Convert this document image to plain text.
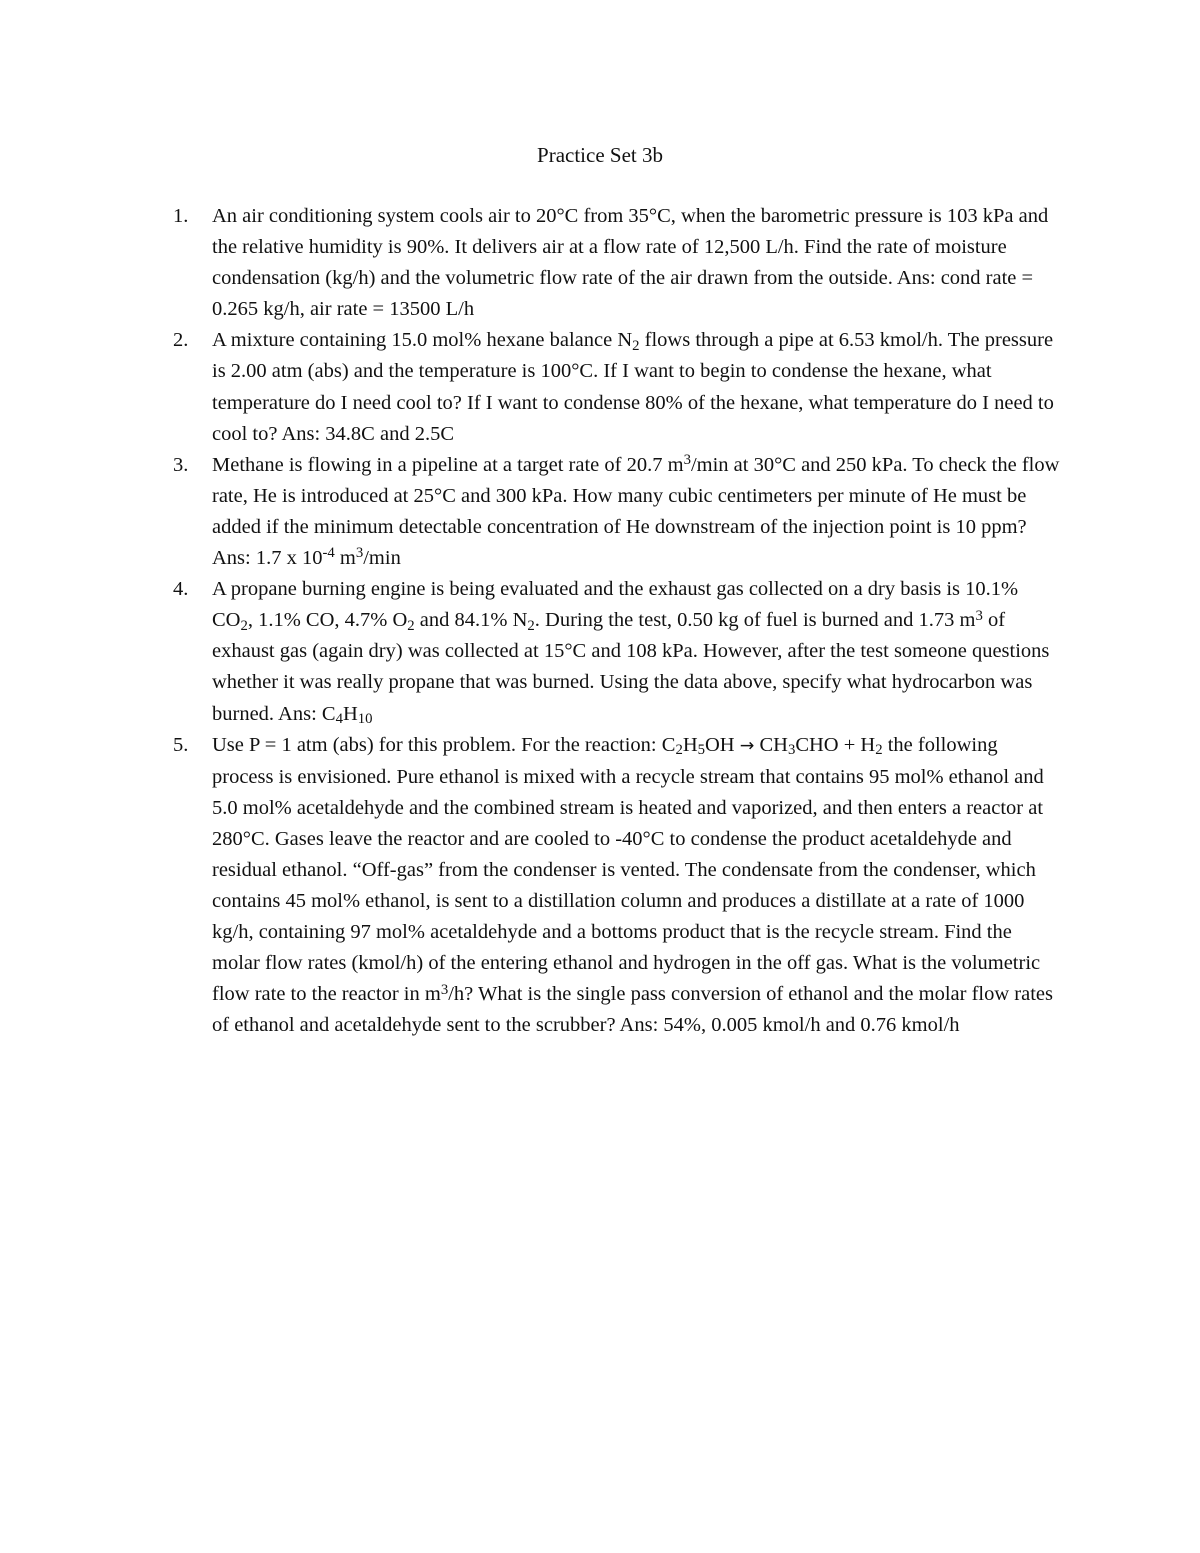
Practice Set 3b
1. An air conditioning system cools air to 20°C from 35°C, when the barometric pressure is 103 kPa and the relative humidity is 90%. It delivers air at a flow rate of 12,500 L/h. Find the rate of moisture condensation (kg/h) and the volumetric flow rate of the air drawn from the outside. Ans: cond rate = 0.265 kg/h, air rate = 13500 L/h
2. A mixture containing 15.0 mol% hexane balance $N_2$ flows through a pipe at 6.53 kmol/h. The pressure is 2.00 atm (abs) and the temperature is 100°C. If I want to begin to condense the hexane, what temperature do I need cool to? If I want to condense 80% of the hexane, what temperature do I need to cool to? Ans: 34.8C and 2.5C
3. Methane is flowing in a pipeline at a target rate of 20.7 $m^3/\min$ at 30°C and 250 kPa. To check the flow rate, He is introduced at 25°C and 300 kPa. How many cubic centimeters per minute of He must be added if the minimum detectable concentration of He downstream of the injection point is 10 ppm? Ans: 1.7 x $10^{-4}$ $m^3/\min$
4. A propane burning engine is being evaluated and the exhaust gas collected on a dry basis is 10.1% $CO_2$, 1.1% CO, 4.7% $O_2$ and 84.1% $N_2$. During the test, 0.50 kg of fuel is burned and 1.73 $m^3$ of exhaust gas (again dry) was collected at 15°C and 108 kPa. However, after the test someone questions whether it was really propane that was burned. Using the data above, specify what hydrocarbon was burned. Ans: $C_4H_{10}$
5. Use P = 1 atm (abs) for this problem. For the reaction: $C_2H_5OH \to CH_3CHO + H_2$ the following process is envisioned. Pure ethanol is mixed with a recycle stream that contains 95 mol% ethanol and 5.0 mol% acetaldehyde and the combined stream is heated and vaporized, and then enters a reactor at 280°C. Gases leave the reactor and are cooled to -40°C to condense the product acetaldehyde and residual ethanol. “Off-gas” from the condenser is vented. The condensate from the condenser, which contains 45 mol% ethanol, is sent to a distillation column and produces a distillate at a rate of 1000 kg/h, containing 97 mol% acetaldehyde and a bottoms product that is the recycle stream. Find the molar flow rates (kmol/h) of the entering ethanol and hydrogen in the off gas. What is the volumetric flow rate to the reactor in $m^3/h$? What is the single pass conversion of ethanol and the molar flow rates of ethanol and acetaldehyde sent to the scrubber? Ans: 54%, 0.005 kmol/h and 0.76 kmol/h
